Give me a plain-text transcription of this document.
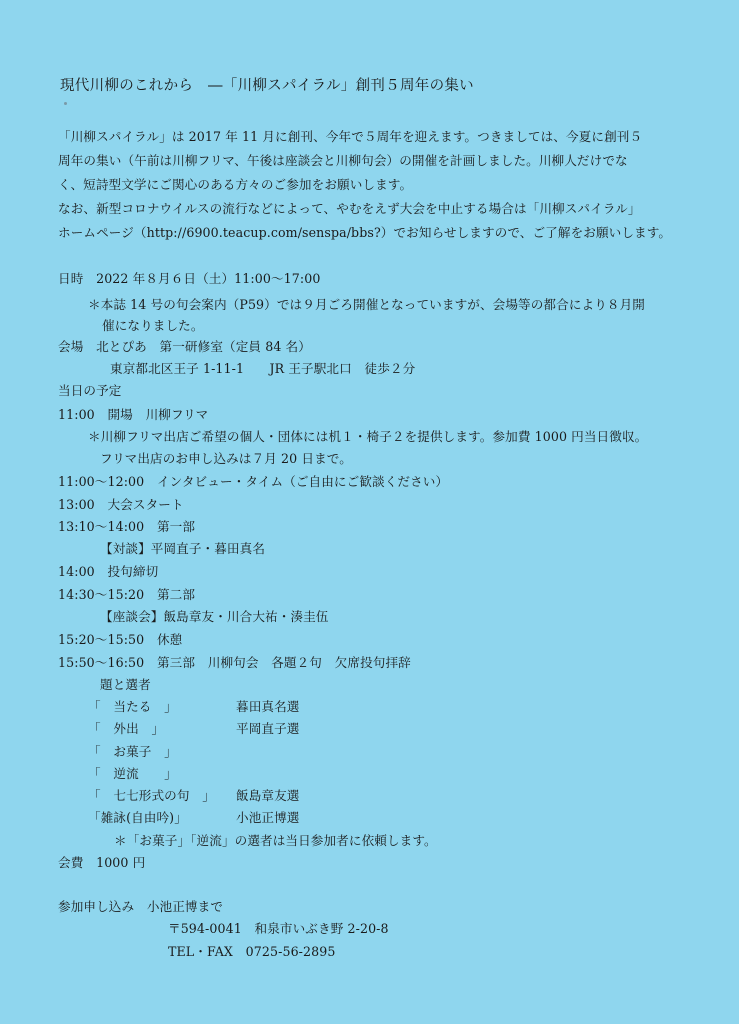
現代川柳のこれから　―「川柳スパイラル」創刊５周年の集い
「川柳スパイラル」は 2017 年 11 月に創刊、今年で５周年を迎えます。つきましては、今夏に創刊５
周年の集い（午前は川柳フリマ、午後は座談会と川柳句会）の開催を計画しました。川柳人だけでな
く、短詩型文学にご関心のある方々のご参加をお願いします。
なお、新型コロナウイルスの流行などによって、やむをえず大会を中止する場合は「川柳スパイラル」
ホームページ（http://6900.teacup.com/senspa/bbs?）でお知らせしますので、ご了解をお願いします。
日時　2022 年８月６日（土）11:00～17:00
＊本誌 14 号の句会案内（P59）では９月ごろ開催となっていますが、会場等の都合により８月開
催になりました。
会場　北とぴあ　第一研修室（定員 84 名）
東京都北区王子 1-11-1　　JR 王子駅北口　徒歩２分
当日の予定
11:00　開場　川柳フリマ
＊川柳フリマ出店ご希望の個人・団体には机１・椅子２を提供します。参加費 1000 円当日徴収。
フリマ出店のお申し込みは７月 20 日まで。
11:00～12:00　インタビュー・タイム（ご自由にご歓談ください）
13:00　大会スタート
13:10～14:00　第一部
【対談】平岡直子・暮田真名
14:00　投句締切
14:30～15:20　第二部
【座談会】飯島章友・川合大祐・湊圭伍
15:20～15:50　休憩
15:50～16:50　第三部　川柳句会　各題２句　欠席投句拝辞
題と選者
「　当たる　」	暮田真名選
「　外出　」	平岡直子選
「　お菓子　」
「　逆流　　」
「　七七形式の句　」 飯島章友選
「雑詠(自由吟)」	小池正博選
＊「お菓子」「逆流」の選者は当日参加者に依頼します。
会費　1000 円
参加申し込み　小池正博まで
〒594-0041　和泉市いぶき野 2-20-8
TEL・FAX　0725-56-2895
